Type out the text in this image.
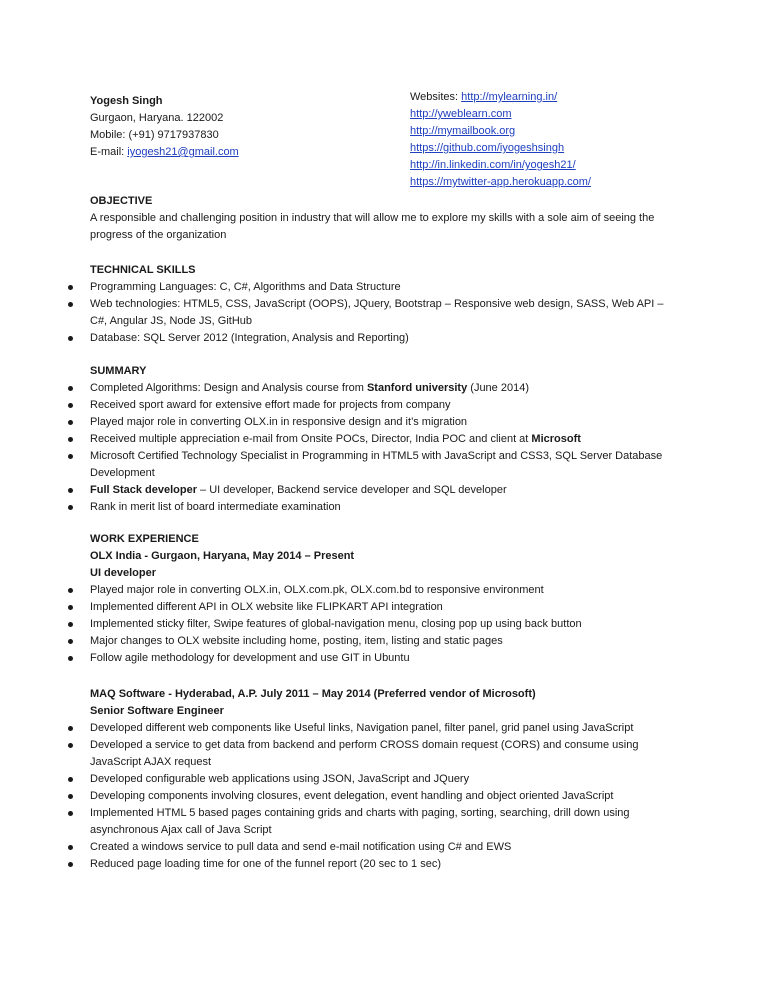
Yogesh Singh
Gurgaon, Haryana. 122002
Mobile: (+91) 9717937830
E-mail: iyogesh21@gmail.com
Websites: http://mylearning.in/
http://yweblearn.com
http://mymailbook.org
https://github.com/iyogeshsingh
http://in.linkedin.com/in/yogesh21/
https://mytwitter-app.herokuapp.com/
OBJECTIVE
A responsible and challenging position in industry that will allow me to explore my skills with a sole aim of seeing the progress of the organization
TECHNICAL SKILLS
Programming Languages: C, C#, Algorithms and Data Structure
Web technologies: HTML5, CSS, JavaScript (OOPS), JQuery, Bootstrap – Responsive web design, SASS, Web API – C#, Angular JS, Node JS, GitHub
Database: SQL Server 2012 (Integration, Analysis and Reporting)
SUMMARY
Completed Algorithms: Design and Analysis course from Stanford university (June 2014)
Received sport award for extensive effort made for projects from company
Played major role in converting OLX.in in responsive design and it’s migration
Received multiple appreciation e-mail from Onsite POCs, Director, India POC and client at Microsoft
Microsoft Certified Technology Specialist in Programming in HTML5 with JavaScript and CSS3, SQL Server Database Development
Full Stack developer – UI developer, Backend service developer and SQL developer
Rank in merit list of board intermediate examination
WORK EXPERIENCE
OLX India - Gurgaon, Haryana, May 2014 – Present
UI developer
Played major role in converting OLX.in, OLX.com.pk, OLX.com.bd to responsive environment
Implemented different API in OLX website like FLIPKART API integration
Implemented sticky filter, Swipe features of global-navigation menu, closing pop up using back button
Major changes to OLX website including home, posting, item, listing and static pages
Follow agile methodology for development and use GIT in Ubuntu
MAQ Software - Hyderabad, A.P. July 2011 – May 2014 (Preferred vendor of Microsoft)
Senior Software Engineer
Developed different web components like Useful links, Navigation panel, filter panel, grid panel using JavaScript
Developed a service to get data from backend and perform CROSS domain request (CORS) and consume using JavaScript AJAX request
Developed configurable web applications using JSON, JavaScript and JQuery
Developing components involving closures, event delegation, event handling and object oriented JavaScript
Implemented HTML 5 based pages containing grids and charts with paging, sorting, searching, drill down using asynchronous Ajax call of Java Script
Created a windows service to pull data and send e-mail notification using C# and EWS
Reduced page loading time for one of the funnel report (20 sec to 1 sec)
